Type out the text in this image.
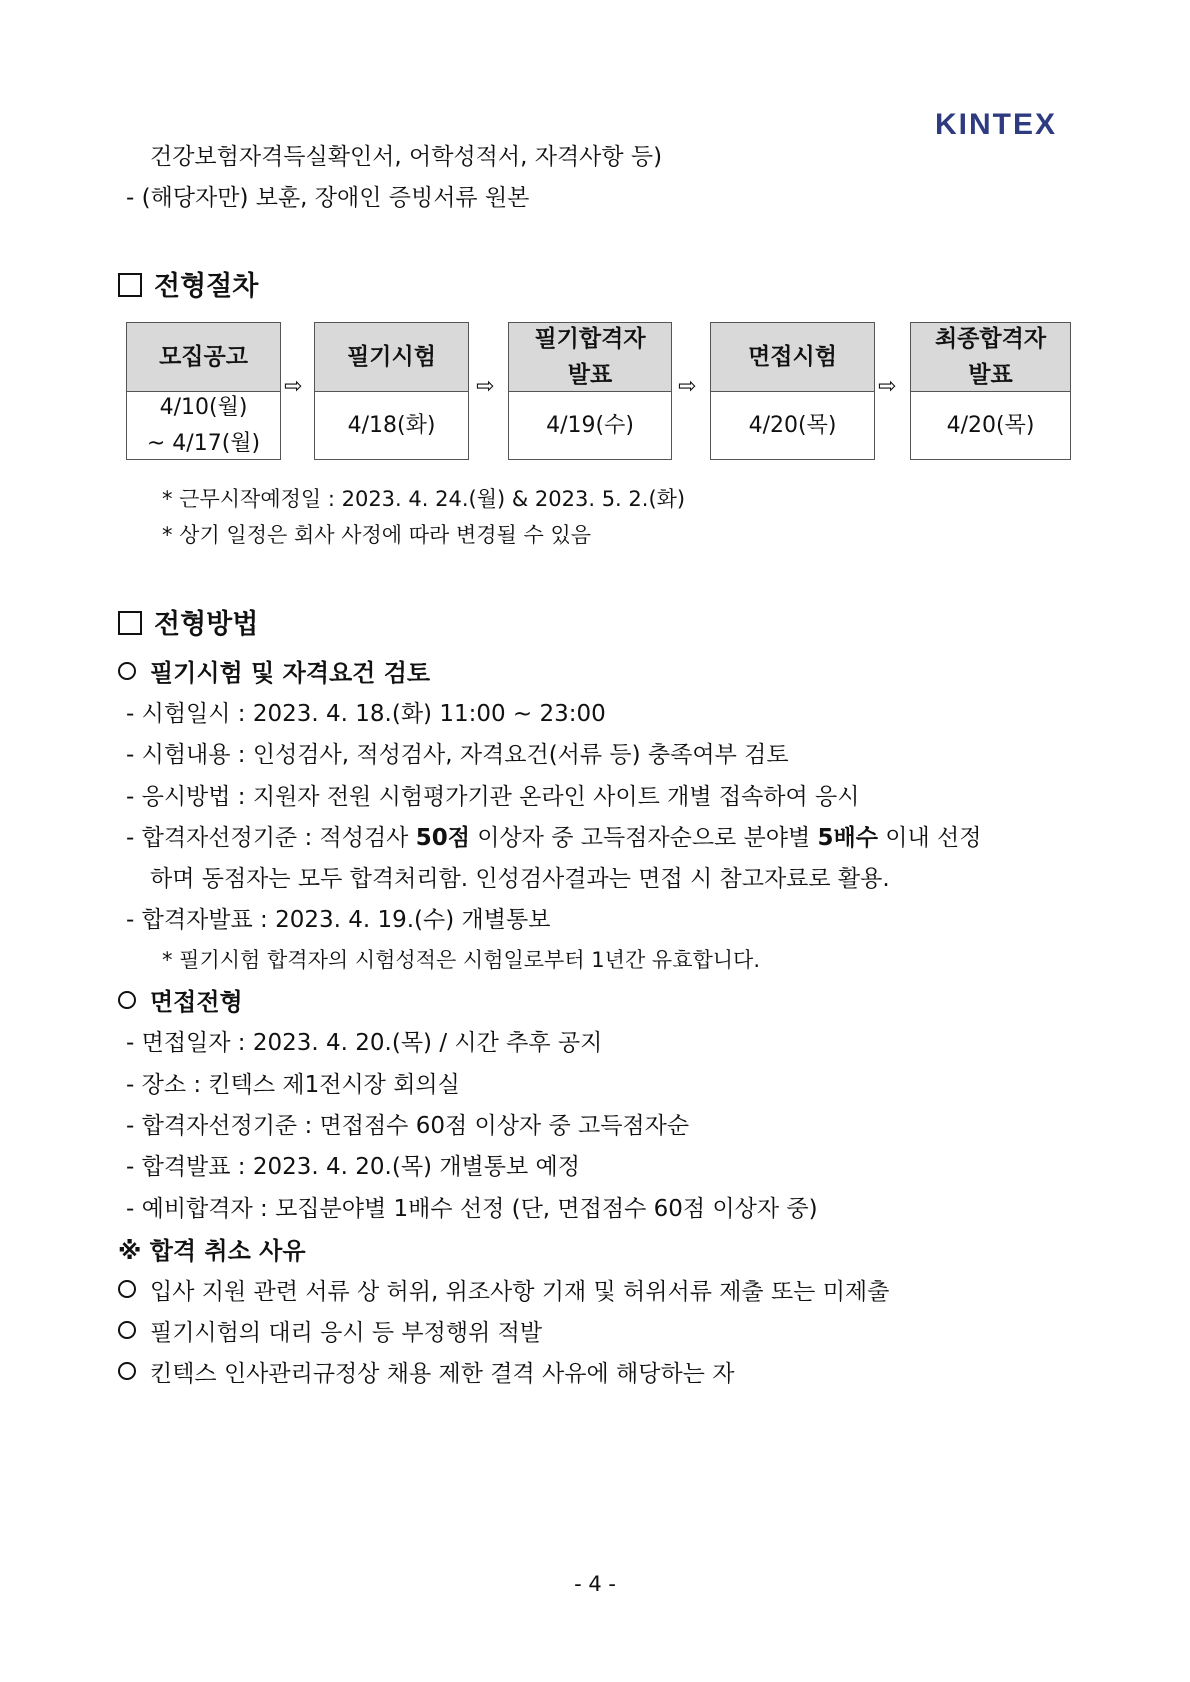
KINTEX
건강보험자격득실확인서, 어학성적서, 자격사항 등)
- (해당자만) 보훈, 장애인 증빙서류 원본
전형절차
모집공고
4/10(월)
~ 4/17(월)
⇨
필기시험
4/18(화)
⇨
필기합격자
발표
4/19(수)
⇨
면접시험
4/20(목)
⇨
최종합격자
발표
4/20(목)
* 근무시작예정일 : 2023. 4. 24.(월) & 2023. 5. 2.(화)
* 상기 일정은 회사 사정에 따라 변경될 수 있음
전형방법
필기시험 및 자격요건 검토
- 시험일시 : 2023. 4. 18.(화) 11:00 ~ 23:00
- 시험내용 : 인성검사, 적성검사, 자격요건(서류 등) 충족여부 검토
- 응시방법 : 지원자 전원 시험평가기관 온라인 사이트 개별 접속하여 응시
- 합격자선정기준 : 적성검사 50점 이상자 중 고득점자순으로 분야별 5배수 이내 선정
하며 동점자는 모두 합격처리함. 인성검사결과는 면접 시 참고자료로 활용.
- 합격자발표 : 2023. 4. 19.(수) 개별통보
* 필기시험 합격자의 시험성적은 시험일로부터 1년간 유효합니다.
면접전형
- 면접일자 : 2023. 4. 20.(목) / 시간 추후 공지
- 장소 : 킨텍스 제1전시장 회의실
- 합격자선정기준 : 면접점수 60점 이상자 중 고득점자순
- 합격발표 : 2023. 4. 20.(목) 개별통보 예정
- 예비합격자 : 모집분야별 1배수 선정 (단, 면접점수 60점 이상자 중)
※ 합격 취소 사유
입사 지원 관련 서류 상 허위, 위조사항 기재 및 허위서류 제출 또는 미제출
필기시험의 대리 응시 등 부정행위 적발
킨텍스 인사관리규정상 채용 제한 결격 사유에 해당하는 자
- 4 -
